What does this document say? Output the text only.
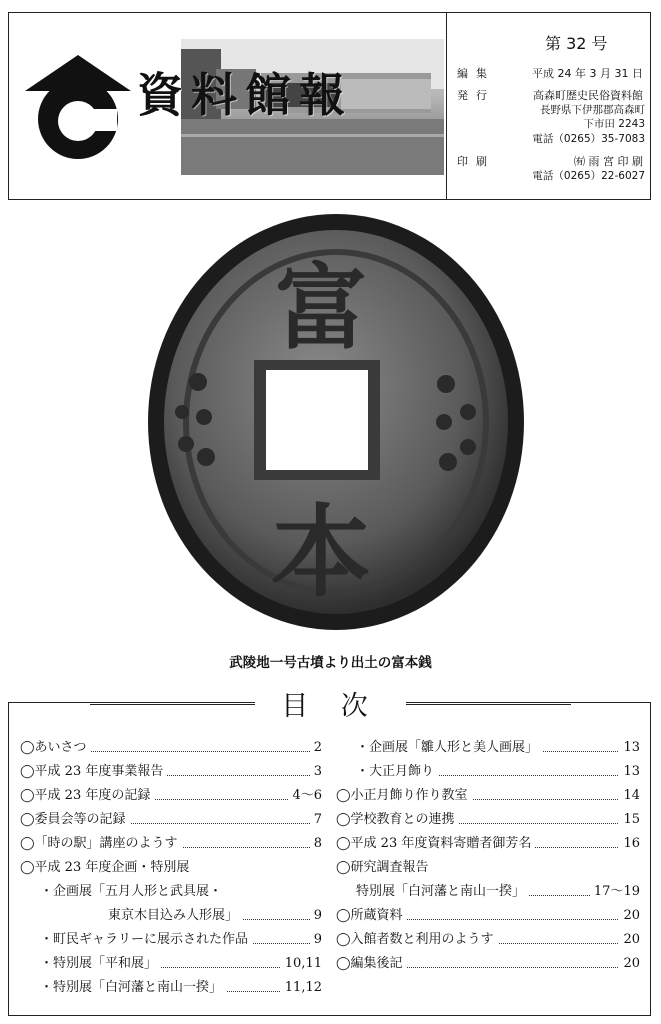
資 料 館 報
第 32 号
編集	平成 24 年 3 月 31 日
発行	高森町歴史民俗資料館
長野県下伊那郡高森町
下市田 2243
電話（0265）35-7083
印刷	㈲ 雨 宮 印 刷
電話（0265）22-6027
富
本
武陵地一号古墳より出土の富本銭
目 次
◯あいさつ	2
◯平成 23 年度事業報告	3
◯平成 23 年度の記録	4〜6
◯委員会等の記録	7
◯「時の駅」講座のようす	8
◯平成 23 年度企画・特別展
・企画展「五月人形と武具展・
東京木目込み人形展」	9
・町民ギャラリーに展示された作品	9
・特別展「平和展」	10,11
・特別展「白河藩と南山一揆」	11,12
・企画展「雛人形と美人画展」	13
・大正月飾り	13
◯小正月飾り作り教室	14
◯学校教育との連携	15
◯平成 23 年度資料寄贈者御芳名	16
◯研究調査報告
特別展「白河藩と南山一揆」	17〜19
◯所蔵資料	20
◯入館者数と利用のようす	20
◯編集後記	20
